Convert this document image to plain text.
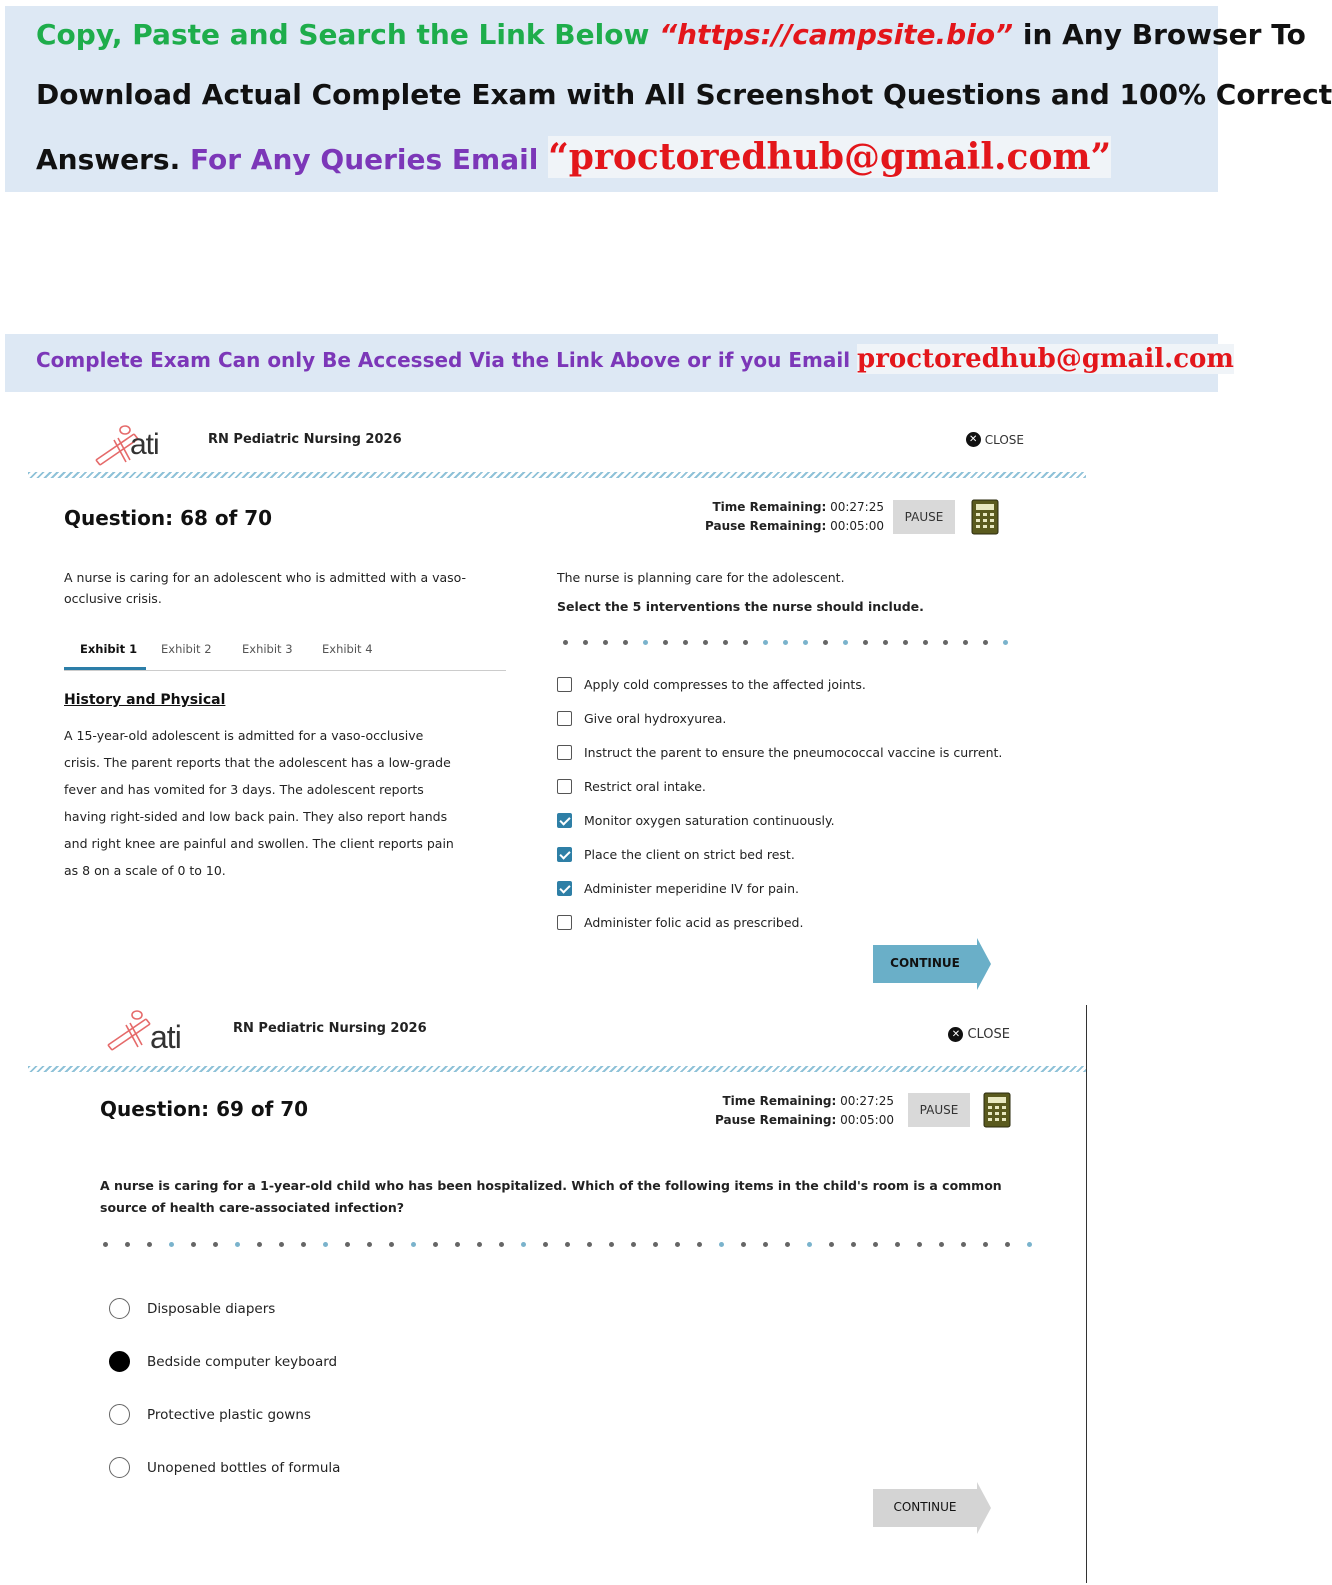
Copy, Paste and Search the Link Below “https://campsite.bio” in Any Browser To
Download Actual Complete Exam with All Screenshot Questions and 100% Correct
Answers. For Any Queries Email “proctoredhub@gmail.com”
Complete Exam Can only Be Accessed Via the Link Above or if you Email proctoredhub@gmail.com
ati	RN Pediatric Nursing 2026	✕ CLOSE
Question: 68 of 70	Time Remaining: 00:27:25
Pause Remaining: 00:05:00
PAUSE
A nurse is caring for an adolescent who is admitted with a vaso-occlusive crisis.
Exhibit 1 Exhibit 2	Exhibit 3	Exhibit 4
History and Physical
A 15-year-old adolescent is admitted for a vaso-occlusive crisis. The parent reports that the adolescent has a low-grade fever and has vomited for 3 days. The adolescent reports having right-sided and low back pain. They also report hands and right knee are painful and swollen. The client reports pain as 8 on a scale of 0 to 10.
The nurse is planning care for the adolescent.
Select the 5 interventions the nurse should include.
Apply cold compresses to the affected joints.
Give oral hydroxyurea.
Instruct the parent to ensure the pneumococcal vaccine is current.
Restrict oral intake.
Monitor oxygen saturation continuously.
Place the client on strict bed rest.
Administer meperidine IV for pain.
Administer folic acid as prescribed.
CONTINUE
ati	RN Pediatric Nursing 2026	✕ CLOSE
Question: 69 of 70	Time Remaining: 00:27:25
Pause Remaining: 00:05:00
PAUSE
A nurse is caring for a 1-year-old child who has been hospitalized. Which of the following items in the child's room is a common source of health care-associated infection?
Disposable diapers
Bedside computer keyboard
Protective plastic gowns
Unopened bottles of formula
CONTINUE
